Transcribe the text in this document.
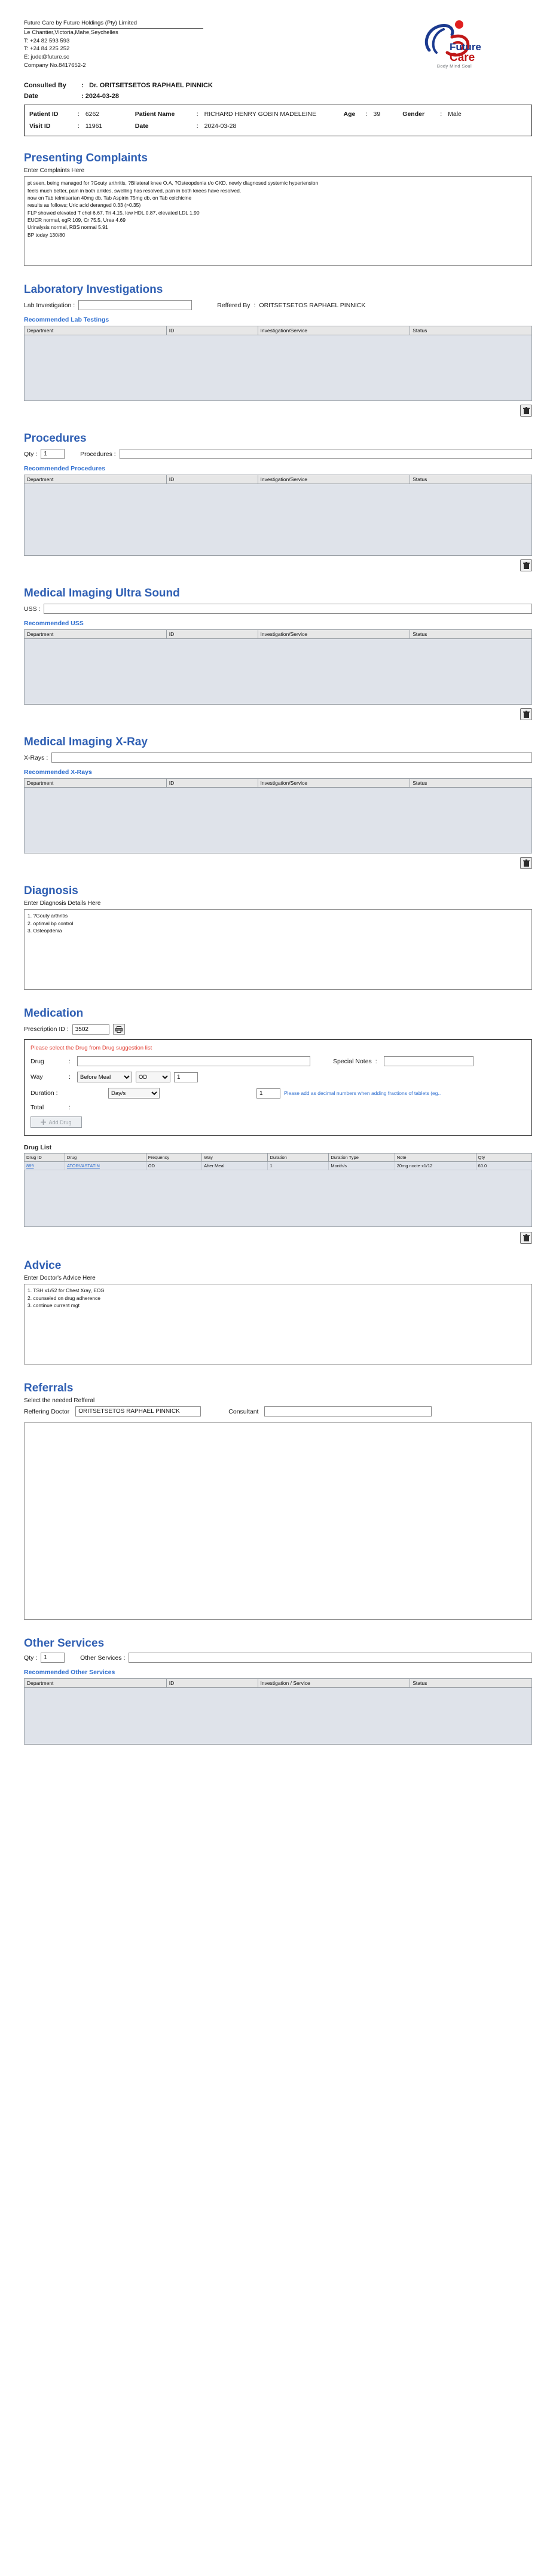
Future Care by Future Holdings (Pty) Limited
Le Chantier,Victoria,Mahe,Seychelles
T: +24 82 593 593
T: +24 84 225 252
E: jude@future.sc
Company No.8417652-2
Future
Care
Body Mind Soul
Consulted By : Dr. ORITSETSETOS RAPHAEL PINNICK
Date	: 2024-03-28
Patient ID	: 6262	Patient Name	: RICHARD HENRY GOBIN MADELEINE	Age : 39	Gender : Male
Visit ID	: 11961	Date	: 2024-03-28
Presenting Complaints
Enter Complaints Here
pt seen, being managed for ?Gouty arthritis, ?Bilateral knee O.A, ?Osteopdenia r/o CKD, newly diagnosed systemic hypertension feels much better, pain in both ankles, swelling has resolved, pain in both knees have resolved. now on Tab telmisartan 40mg db, Tab Aspirin 75mg db, on Tab colchicine results as follows; Uric acid deranged 0.33 (>0.35) FLP showed elevated T chol 6.67, Tri 4.15, low HDL 0.87, elevated LDL 1.90 EUCR normal, egR 109, Cr 75.5, Urea 4.69 Urinalysis normal, RBS normal 5.91 BP today 130/80
Laboratory Investigations
Lab Investigation :	Reffered By : ORITSETSETOS RAPHAEL PINNICK
Recommended Lab Testings
Department	ID	Investigation/Service	Status
Procedures
Qty :
1	Procedures :
Recommended Procedures
Department	ID	Investigation/Service	Status
Medical Imaging Ultra Sound
USS :
Recommended USS
Department	ID	Investigation/Service	Status
Medical Imaging X-Ray
X-Rays :
Recommended X-Rays
Department	ID	Investigation/Service	Status
Diagnosis
Enter Diagnosis Details Here
1. ?Gouty arthritis 2. optimal bp control 3. Osteopdenia
Medication
Prescription ID :
3502
Please select the Drug from Drug suggestion list
Drug	:	Special Notes :
Way	:
Before Meal
OD
1
Duration :
Day/s
1	Please add as decimal numbers when adding fractions of tablets (eg..
Total	:
Add Drug
Drug List
Drug ID	Drug	Frequency	Way	Duration	Duration Type	Note	Qty
889	ATORVASTATIN	OD	After Meal	1	Month/s	20mg nocte x1/12	60.0
Advice
Enter Doctor's Advice Here
1. TSH x1/52 for Chest Xray, ECG 2. counseled on drug adherence 3. continue current mgt
Referrals
Select the needed Refferal
Reffering Doctor
ORITSETSETOS RAPHAEL PINNICK	Consultant
Other Services
Qty :
1	Other Services :
Recommended Other Services
Department	ID	Investigation / Service	Status
